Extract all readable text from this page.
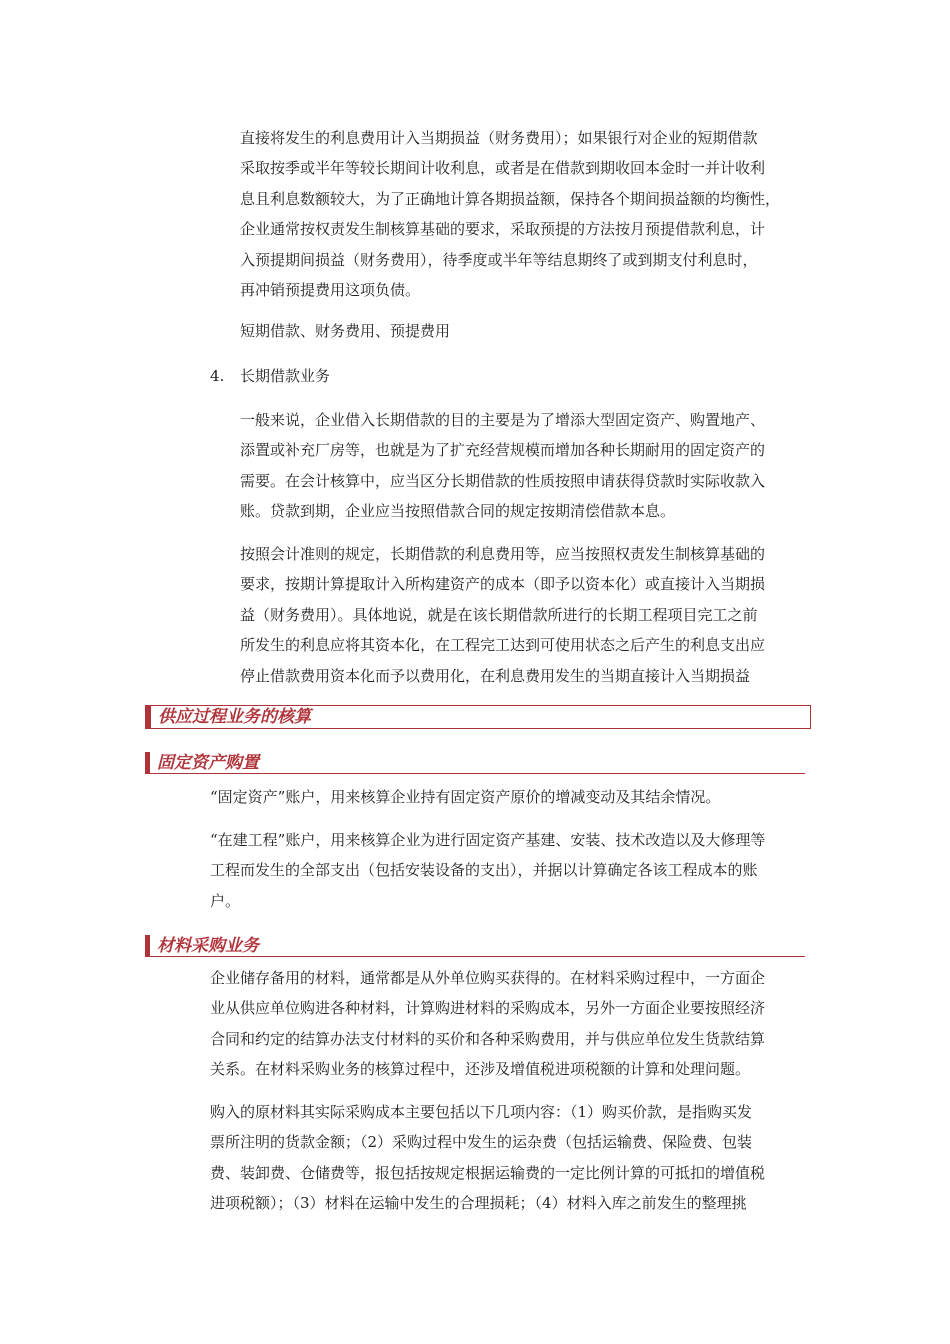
直接将发生的利息费用计入当期损益（财务费用）；如果银行对企业的短期借款
采取按季或半年等较长期间计收利息，或者是在借款到期收回本金时一并计收利
息且利息数额较大，为了正确地计算各期损益额，保持各个期间损益额的均衡性，
企业通常按权责发生制核算基础的要求，采取预提的方法按月预提借款利息，计
入预提期间损益（财务费用），待季度或半年等结息期终了或到期支付利息时，
再冲销预提费用这项负债。
短期借款、财务费用、预提费用
4. 长期借款业务
一般来说，企业借入长期借款的目的主要是为了增添大型固定资产、购置地产、
添置或补充厂房等，也就是为了扩充经营规模而增加各种长期耐用的固定资产的
需要。在会计核算中，应当区分长期借款的性质按照申请获得贷款时实际收款入
账。贷款到期，企业应当按照借款合同的规定按期清偿借款本息。
按照会计准则的规定，长期借款的利息费用等，应当按照权责发生制核算基础的
要求，按期计算提取计入所构建资产的成本（即予以资本化）或直接计入当期损
益（财务费用）。具体地说，就是在该长期借款所进行的长期工程项目完工之前
所发生的利息应将其资本化，在工程完工达到可使用状态之后产生的利息支出应
停止借款费用资本化而予以费用化，在利息费用发生的当期直接计入当期损益
供应过程业务的核算
固定资产购置
“固定资产”账户，用来核算企业持有固定资产原价的增减变动及其结余情况。
“在建工程”账户，用来核算企业为进行固定资产基建、安装、技术改造以及大修理等
工程而发生的全部支出（包括安装设备的支出），并据以计算确定各该工程成本的账
户。
材料采购业务
企业储存备用的材料，通常都是从外单位购买获得的。在材料采购过程中，一方面企
业从供应单位购进各种材料，计算购进材料的采购成本，另外一方面企业要按照经济
合同和约定的结算办法支付材料的买价和各种采购费用，并与供应单位发生货款结算
关系。在材料采购业务的核算过程中，还涉及增值税进项税额的计算和处理问题。
购入的原材料其实际采购成本主要包括以下几项内容：（1）购买价款，是指购买发
票所注明的货款金额；（2）采购过程中发生的运杂费（包括运输费、保险费、包装
费、装卸费、仓储费等，报包括按规定根据运输费的一定比例计算的可抵扣的增值税
进项税额）；（3）材料在运输中发生的合理损耗；（4）材料入库之前发生的整理挑
